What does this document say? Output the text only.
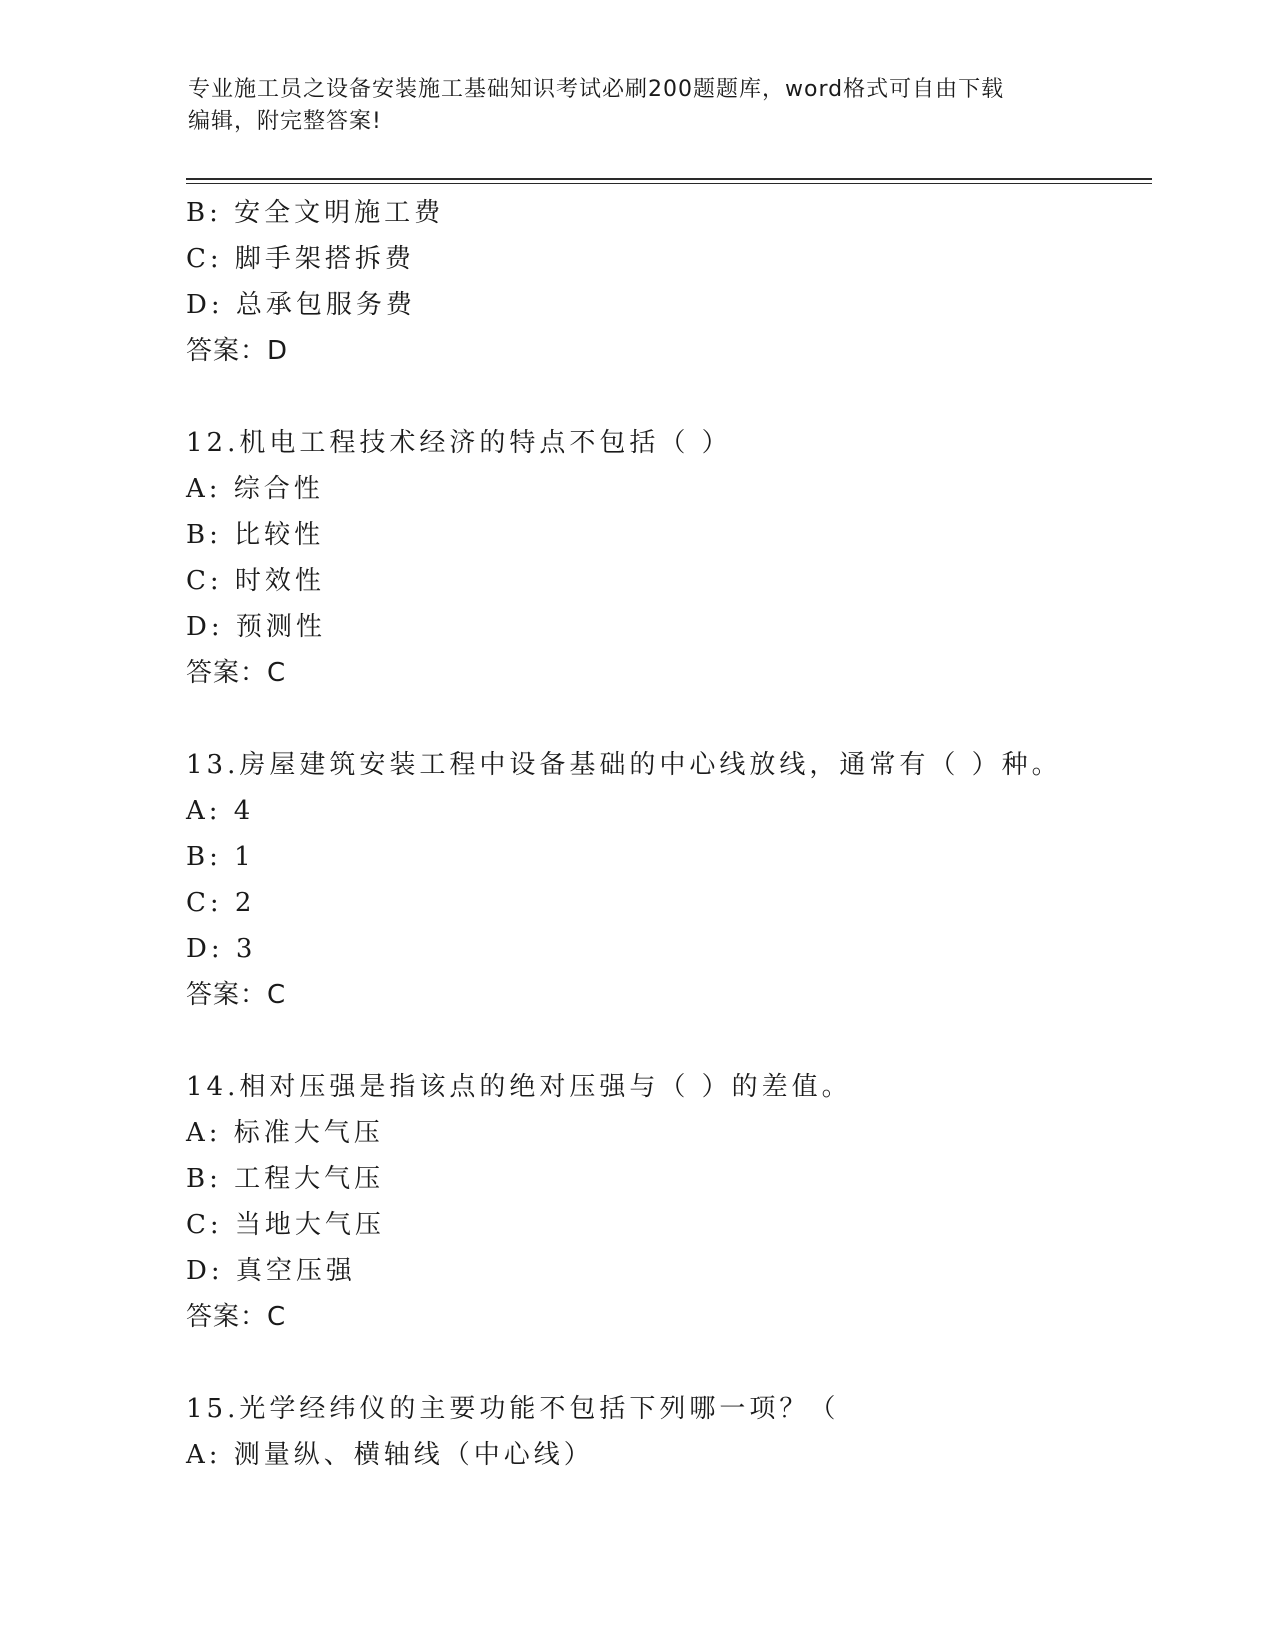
专业施工员之设备安装施工基础知识考试必刷200题题库，word格式可自由下载
编辑，附完整答案!
B: 安全文明施工费
C: 脚手架搭拆费
D: 总承包服务费
答案：D
12.机电工程技术经济的特点不包括（ ）
A: 综合性
B: 比较性
C: 时效性
D: 预测性
答案：C
13.房屋建筑安装工程中设备基础的中心线放线，通常有（ ）种。
A: 4
B: 1
C: 2
D: 3
答案：C
14.相对压强是指该点的绝对压强与（ ）的差值。
A: 标准大气压
B: 工程大气压
C: 当地大气压
D: 真空压强
答案：C
15.光学经纬仪的主要功能不包括下列哪一项？（
A: 测量纵、横轴线（中心线）
